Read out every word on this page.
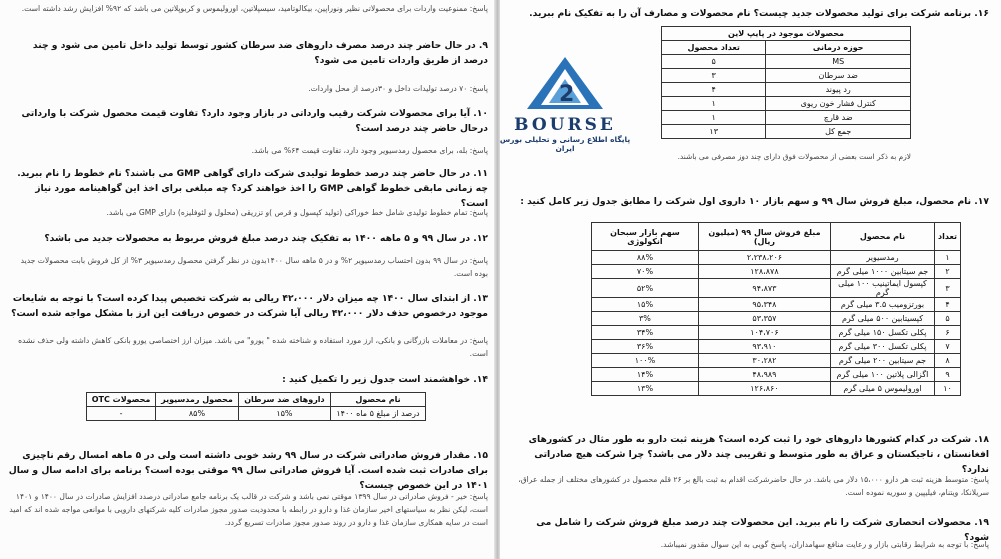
پاسخ: ممنوعیت واردات برای محصولاتی نظیر ونوراپین، بیکالوتامید، سیسپلاتین، اوروليموس و کربوپلاتین می باشد که ۹۲% افزایش رشد داشته است.
۹. در حال حاضر چند درصد مصرف داروهای ضد سرطان کشور توسط تولید داخل تامین می شود و چند درصد از طریق واردات تامین می شود؟
پاسخ: ۷۰ درصد تولیدات داخل و ۳۰درصد از محل واردات.
۱۰. آیا برای محصولات شرکت رقیب وارداتی در بازار وجود دارد؟ تفاوت قیمت محصول شرکت با وارداتی درحال حاضر چند درصد است؟
پاسخ: بله، برای محصول رمدسیویر وجود دارد، تفاوت قیمت ۶۴% می باشد.
۱۱. در حال حاضر چند درصد خطوط تولیدی شرکت دارای گواهی GMP می باشند؟ نام خطوط را نام ببرید. چه زمانی مابقی خطوط گواهی GMP را اخذ خواهند کرد؟ چه مبلغی برای اخذ این گواهینامه مورد نیاز است؟
پاسخ: تمام خطوط تولیدی شامل خط خوراکی (تولید کپسول و قرص )و تزریقی (محلول و لئوفلیزه) دارای GMP می باشد.
۱۲. در سال ۹۹ و ۵ ماهه ۱۴۰۰ به تفکیک چند درصد مبلغ فروش مربوط به محصولات جدید می باشد؟
پاسخ: در سال ۹۹ بدون احتساب رمدسیویر ۲% و در ۵ ماهه سال ۱۴۰۰بدون در نظر گرفتن محصول رمدسیویر ۳% از کل فروش بابت محصولات جدید بوده است.
۱۳. از ابتدای سال ۱۴۰۰ چه میزان دلار ۴۲،۰۰۰ ریالی به شرکت تخصیص پیدا کرده است؟ با توجه به شایعات موجود درخصوص حذف دلار ۴۲،۰۰۰ ریالی آیا شرکت در خصوص دریافت این ارز با مشکل مواجه شده است؟
پاسخ: در معاملات بازرگانی و بانکی، ارز مورد استفاده و شناخته شده " یورو" می باشد. میزان ارز اختصاصی یورو بانکی کاهش داشته ولی حذف نشده است.
۱۴. خواهشمند است جدول زیر را تکمیل کنید :
نام محصول	داروهای ضد سرطان	محصول رمدسیویر	محصولات OTC
درصد از مبلغ ۵ ماه ۱۴۰۰	۱۵%	۸۵%	-
۱۵. مقدار فروش صادراتی شرکت در سال ۹۹ رشد خوبی داشته است ولی در ۵ ماهه امسال رقم ناچیزی برای صادرات ثبت شده است. آیا فروش صادراتی سال ۹۹ موقتی بوده است؟ برنامه برای ادامه سال و سال ۱۴۰۱ در این خصوص چیست؟
پاسخ: خیر - فروش صادراتی در سال ۱۳۹۹ موقتی نمی باشد و شرکت در قالب یک برنامه جامع صادراتی درصدد افزایش صادرات در سال ۱۴۰۰ و ۱۴۰۱ است، لیکن نظر به سیاستهای اخیر سازمان غذا و دارو در رابطه با محدودیت صدور مجوز صادرات کلیه شرکتهای دارویی با موانعی مواجه شده اند که امید است در سایه همکاری سازمان غذا و دارو در روند صدور مجوز صادرات تسریع گردد.
۱۶. برنامه شرکت برای تولید محصولات جدید چیست؟ نام محصولات و مصارف آن را به تفکیک نام ببرید.
محصولات موجود در پایپ لاین	
حوزه درمانی	تعداد محصول
MS	۵
ضد سرطان	۳
رد پیوند	۴
کنترل فشار خون ریوی	۱
ضد قارچ	۱
جمع کل	۱۳
لازم به ذکر است بعضی از محصولات فوق دارای چند دوز مصرفی می باشند.
۱۷. نام محصول، مبلغ فروش سال ۹۹ و سهم بازار ۱۰ داروی اول شرکت را مطابق جدول زیر کامل کنید :
تعداد	نام محصول	مبلغ فروش سال ۹۹ (میلیون ریال)	سهم بازار سبحان انکولوژی
۱	رمدسیویر	۲،۲۳۸،۲۰۶	۸۸%
۲	جم سیتابین ۱۰۰۰ میلی گرم	۱۲۸،۸۷۸	۷۰%
۳	کپسول ایماتینیب ۱۰۰ میلی گرم	۹۴،۸۷۳	۵۲%
۴	بورتزومیب ۳.۵ میلی گرم	۹۵،۳۴۸	۱۵%
۵	کپسیتابین ۵۰۰ میلی گرم	۵۳،۳۵۷	۳%
۶	پکلی تکسل ۱۵۰ میلی گرم	۱۰۴،۷۰۶	۳۴%
۷	پکلی تکسل ۳۰۰ میلی گرم	۹۳،۹۱۰	۳۶%
۸	جم سیتابین ۲۰۰ میلی گرم	۳۰،۲۸۲	۱۰۰%
۹	اگزالی پلاتین ۱۰۰ میلی گرم	۴۸،۹۸۹	۱۴%
۱۰	اوروليموس ۵ میلی گرم	۱۲۶،۸۶۰	۱۳%
۱۸. شرکت در کدام کشورها داروهای خود را ثبت کرده است؟ هزینه ثبت دارو به طور مثال در کشورهای افغانستان ، تاجیکستان و عراق به طور متوسط و تقریبی چند دلار می باشد؟ چرا شرکت هیچ صادراتی ندارد؟
پاسخ: متوسط هزینه ثبت هر دارو ۱۵،۰۰۰ دلار می باشد. در حال حاضرشرکت اقدام به ثبت بالغ بر ۲۶ قلم محصول در کشورهای مختلف از جمله عراق، سریلانکا، ویتنام، فیلیپین و سوریه نموده است.
۱۹. محصولات انحصاری شرکت را نام ببرید. این محصولات چند درصد مبلغ فروش شرکت را شامل می شود؟
پاسخ: با توجه به شرایط رقابتی بازار و رعایت منافع سهامداران، پاسخ گویی به این سوال مقدور نمیباشد.
2
BOURSE
پایگاه اطلاع رسانی و تحلیلی بورس ایران
